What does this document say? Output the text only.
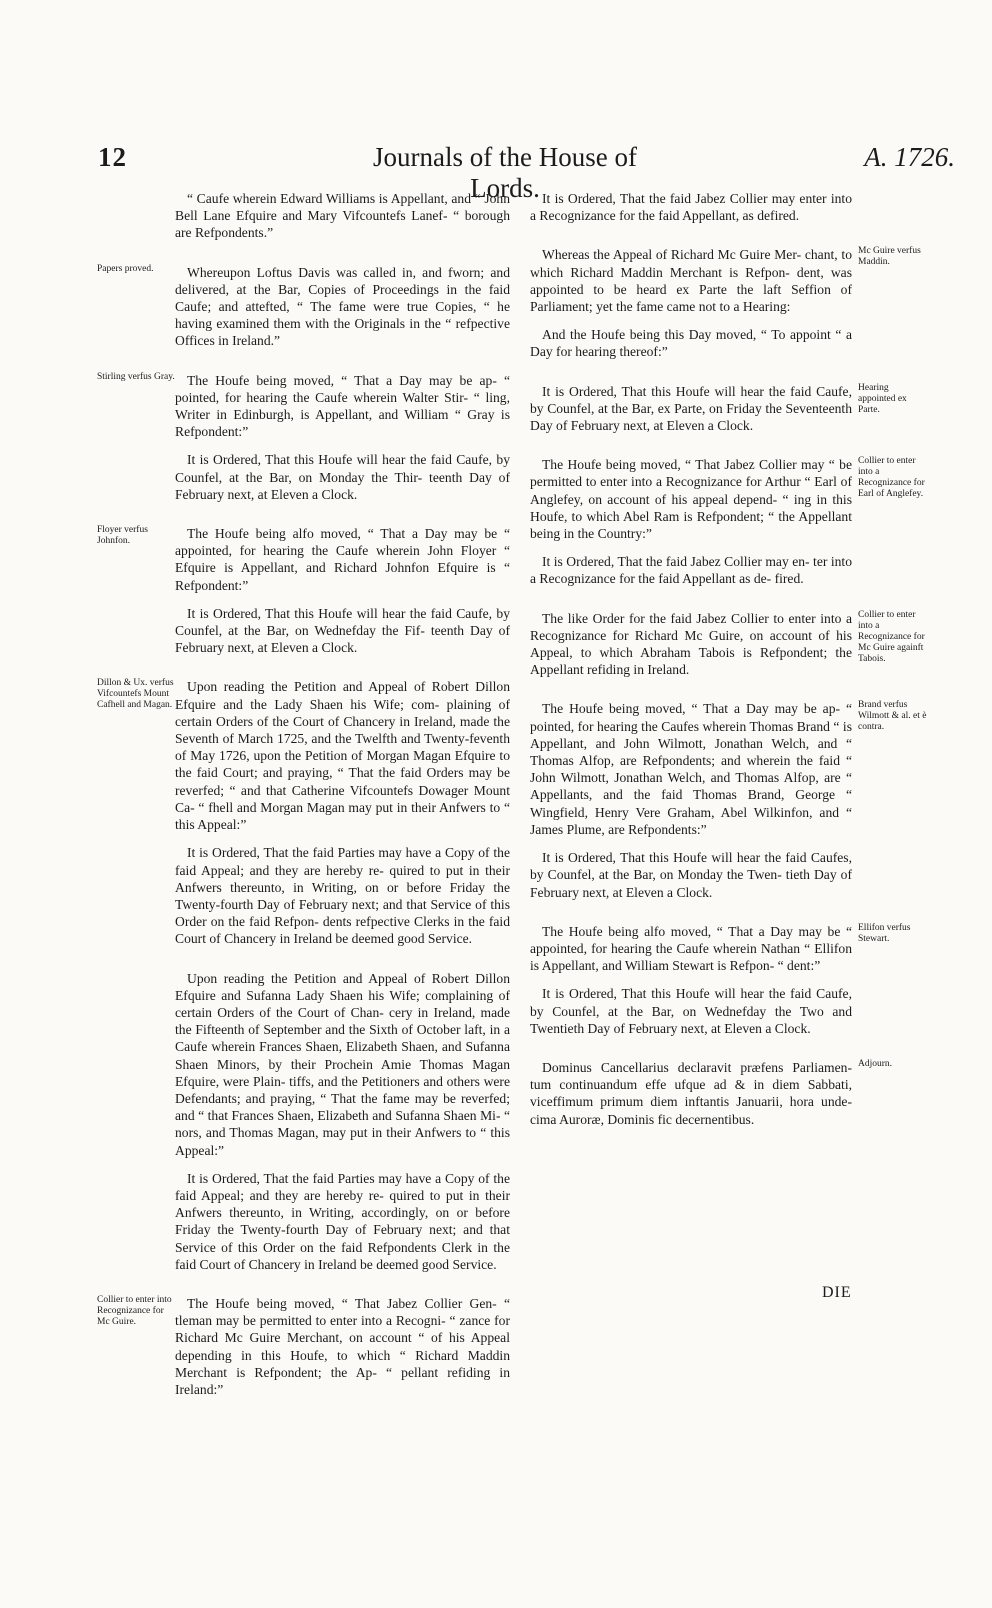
12	Journals of the House of Lords.
A. 1726.

“ Caufe wherein Edward Williams is Appellant, and “ John Bell Lane Efquire and Mary Vifcountefs Lanef- “ borough are Refpondents.”

Papers proved.	Whereupon Loftus Davis was called in, and fworn; and delivered, at the Bar, Copies of Proceedings in the faid Caufe; and attefted, “ The fame were true Copies, “ he having examined them with the Originals in the “ refpective Offices in Ireland.”

Stirling verfus Gray. The Houfe being moved, “ That a Day may be ap- “ pointed, for hearing the Caufe wherein Walter Stir- “ ling, Writer in Edinburgh, is Appellant, and William “ Gray is Refpondent:”

It is Ordered, That this Houfe will hear the faid Caufe, by Counfel, at the Bar, on Monday the Thir- teenth Day of February next, at Eleven a Clock.

Floyer verfus Johnfon.	The Houfe being alfo moved, “ That a Day may be “ appointed, for hearing the Caufe wherein John Floyer “ Efquire is Appellant, and Richard Johnfon Efquire is “ Refpondent:”

It is Ordered, That this Houfe will hear the faid Caufe, by Counfel, at the Bar, on Wednefday the Fif- teenth Day of February next, at Eleven a Clock.

Dillon & Ux. verfus Vifcountefs Mount Cafhell and Magan.

Upon reading the Petition and Appeal of Robert Dillon Efquire and the Lady Shaen his Wife; com- plaining of certain Orders of the Court of Chancery in Ireland, made the Seventh of March 1725, and the Twelfth and Twenty-feventh of May 1726, upon the Petition of Morgan Magan Efquire to the faid Court; and praying, “ That the faid Orders may be reverfed; “ and that Catherine Vifcountefs Dowager Mount Ca- “ fhell and Morgan Magan may put in their Anfwers to “ this Appeal:”

It is Ordered, That the faid Parties may have a Copy of the faid Appeal; and they are hereby re- quired to put in their Anfwers thereunto, in Writing, on or before Friday the Twenty-fourth Day of February next; and that Service of this Order on the faid Refpon- dents refpective Clerks in the faid Court of Chancery in Ireland be deemed good Service.

Upon reading the Petition and Appeal of Robert Dillon Efquire and Sufanna Lady Shaen his Wife; complaining of certain Orders of the Court of Chan- cery in Ireland, made the Fifteenth of September and the Sixth of October laft, in a Caufe wherein Frances Shaen, Elizabeth Shaen, and Sufanna Shaen Minors, by their Prochein Amie Thomas Magan Efquire, were Plain- tiffs, and the Petitioners and others were Defendants; and praying, “ That the fame may be reverfed; and “ that Frances Shaen, Elizabeth and Sufanna Shaen Mi- “ nors, and Thomas Magan, may put in their Anfwers to “ this Appeal:”

It is Ordered, That the faid Parties may have a Copy of the faid Appeal; and they are hereby re- quired to put in their Anfwers thereunto, in Writing, accordingly, on or before Friday the Twenty-fourth Day of February next; and that Service of this Order on the faid Refpondents Clerk in the faid Court of Chancery in Ireland be deemed good Service.

Collier to enter into Recognizance for Mc Guire.

The Houfe being moved, “ That Jabez Collier Gen- “ tleman may be permitted to enter into a Recogni- “ zance for Richard Mc Guire Merchant, on account “ of his Appeal depending in this Houfe, to which “ Richard Maddin Merchant is Refpondent; the Ap- “ pellant refiding in Ireland:”

It is Ordered, That the faid Jabez Collier may enter into a Recognizance for the faid Appellant, as defired.

Mc Guire verfus Maddin.

Whereas the Appeal of Richard Mc Guire Mer- chant, to which Richard Maddin Merchant is Refpon- dent, was appointed to be heard ex Parte the laft Seffion of Parliament; yet the fame came not to a Hearing:

And the Houfe being this Day moved, “ To appoint “ a Day for hearing thereof:”

Hearing appointed ex Parte.

It is Ordered, That this Houfe will hear the faid Caufe, by Counfel, at the Bar, ex Parte, on Friday the Seventeenth Day of February next, at Eleven a Clock.

Collier to enter into a Recognizance for Earl of Anglefey.

The Houfe being moved, “ That Jabez Collier may “ be permitted to enter into a Recognizance for Arthur “ Earl of Anglefey, on account of his appeal depend- “ ing in this Houfe, to which Abel Ram is Refpondent; “ the Appellant being in the Country:”

It is Ordered, That the faid Jabez Collier may en- ter into a Recognizance for the faid Appellant as de- fired.

Collier to enter into a Recognizance for Mc Guire againft Tabois.

The like Order for the faid Jabez Collier to enter into a Recognizance for Richard Mc Guire, on account of his Appeal, to which Abraham Tabois is Refpondent; the Appellant refiding in Ireland.

Brand verfus Wilmott & al. et è contra.

The Houfe being moved, “ That a Day may be ap- “ pointed, for hearing the Caufes wherein Thomas Brand “ is Appellant, and John Wilmott, Jonathan Welch, and “ Thomas Alfop, are Refpondents; and wherein the faid “ John Wilmott, Jonathan Welch, and Thomas Alfop, are “ Appellants, and the faid Thomas Brand, George “ Wingfield, Henry Vere Graham, Abel Wilkinfon, and “ James Plume, are Refpondents:”

It is Ordered, That this Houfe will hear the faid Caufes, by Counfel, at the Bar, on Monday the Twen- tieth Day of February next, at Eleven a Clock.

Ellifon verfus Stewart.

The Houfe being alfo moved, “ That a Day may be “ appointed, for hearing the Caufe wherein Nathan “ Ellifon is Appellant, and William Stewart is Refpon- “ dent:”

It is Ordered, That this Houfe will hear the faid Caufe, by Counfel, at the Bar, on Wednefday the Two and Twentieth Day of February next, at Eleven a Clock.

Adjourn.

Dominus Cancellarius declaravit præfens Parliamen- tum continuandum effe ufque ad & in diem Sabbati, viceffimum primum diem inftantis Januarii, hora unde- cima Auroræ, Dominis fic decernentibus.

DIE
